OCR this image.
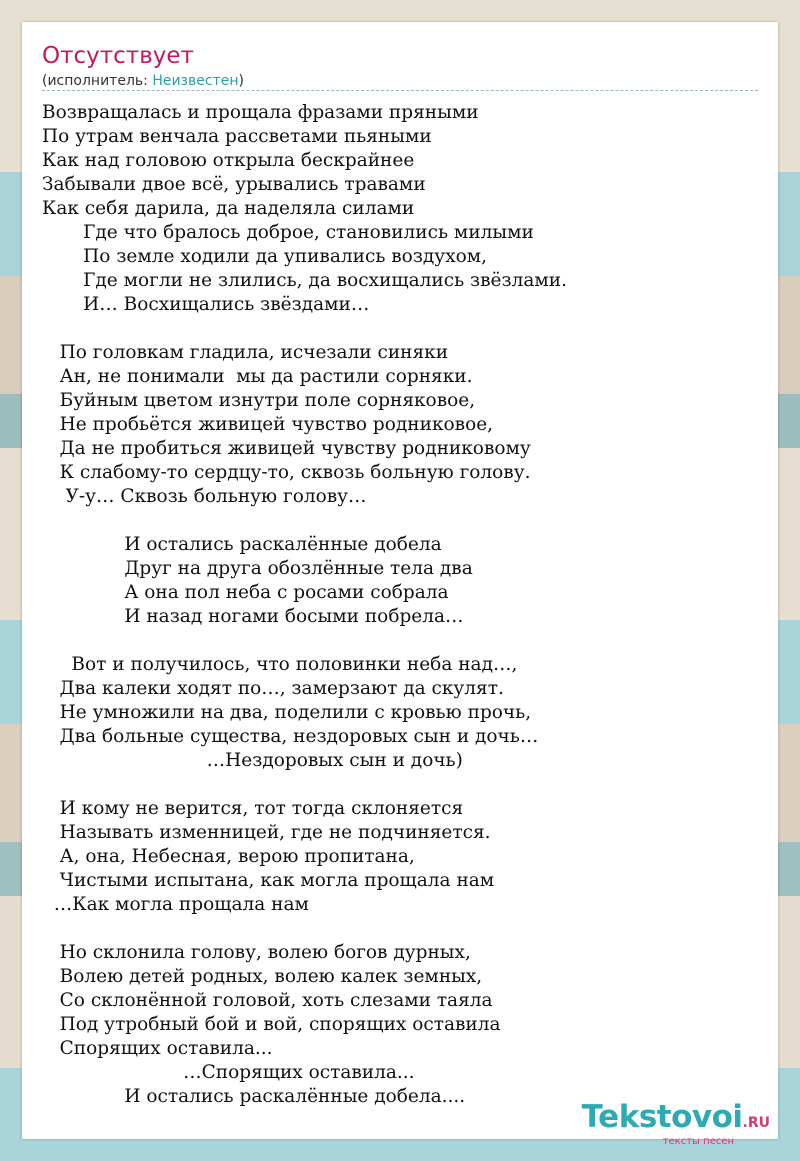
Отсутствует
(исполнитель: Неизвестен)
Возвращалась и прощала фразами пряными
По утрам венчала рассветами пьяными
Как над головою открыла бескрайнее
Забывали двое всё, урывались травами
Как себя дарила, да наделяла силами
Где что бралось доброе, становились милыми
По земле ходили да упивались воздухом,
Где могли не злились, да восхищались звёзлами.
И… Восхищались звёздами…
По головкам гладила, исчезали синяки
Ан, не понимали  мы да растили сорняки.
Буйным цветом изнутри поле сорняковое,
Не пробьётся живицей чувство родниковое,
Да не пробиться живицей чувству родниковому
К слабому-то сердцу-то, сквозь больную голову.
У-у… Сквозь больную голову…
И остались раскалённые добела
Друг на друга обозлённые тела два
А она пол неба с росами собрала
И назад ногами босыми побрела…
Вот и получилось, что половинки неба над…,
Два калеки ходят по…, замерзают да скулят.
Не умножили на два, поделили с кровью прочь,
Два больные существа, нездоровых сын и дочь…
…Нездоровых сын и дочь)
И кому не верится, тот тогда склоняется
Называть изменницей, где не подчиняется.
А, она, Небесная, верою пропитана,
Чистыми испытана, как могла прощала нам
…Как могла прощала нам
Но склонила голову, волею богов дурных,
Волею детей родных, волею калек земных,
Со склонённой головой, хоть слезами таяла
Под утробный бой и вой, спорящих оставила
Спорящих оставила...
…Спорящих оставила...
И остались раскалённые добела....
Tekstovoi.RU
тексты песен
